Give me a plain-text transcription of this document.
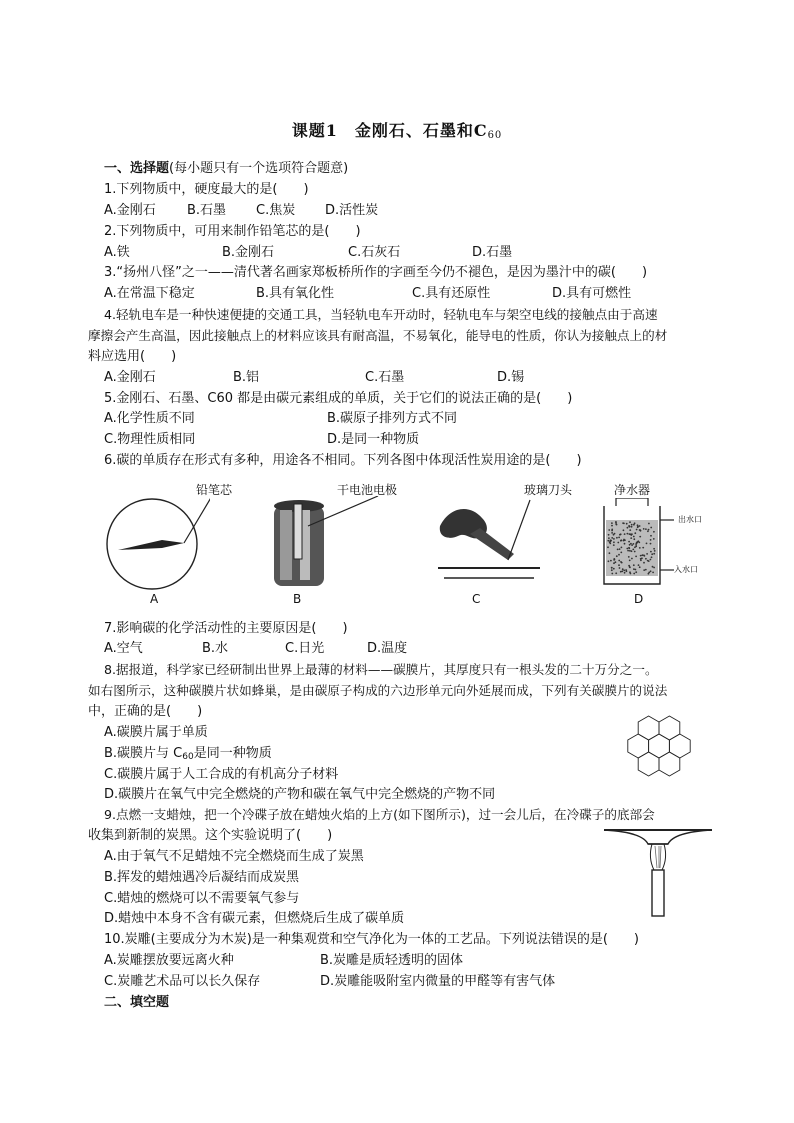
课题1　金刚石、石墨和$C_{60}$
一、选择题(每小题只有一个选项符合题意)
1.下列物质中，硬度最大的是(　　)
A.金刚石 B.石墨 C.焦炭 D.活性炭
2.下列物质中，可用来制作铅笔芯的是(　　)
A.铁	B.金刚石	C.石灰石	D.石墨
3.“扬州八怪”之一——清代著名画家郑板桥所作的字画至今仍不褪色，是因为墨汁中的碳(　　)
A.在常温下稳定	B.具有氧化性	C.具有还原性	D.具有可燃性
4.轻轨电车是一种快速便捷的交通工具，当轻轨电车开动时，轻轨电车与架空电线的接触点由于高速
摩擦会产生高温，因此接触点上的材料应该具有耐高温，不易氧化，能导电的性质，你认为接触点上的材
料应选用(　　)
A.金刚石	B.铝	C.石墨	D.锡
5.金刚石、石墨、C60 都是由碳元素组成的单质，关于它们的说法正确的是(　　)
A.化学性质不同	B.碳原子排列方式不同
C.物理性质相同	D.是同一种物质
6.碳的单质存在形式有多种，用途各不相同。下列各图中体现活性炭用途的是(　　)
铅笔芯
A
干电池电极
B
玻璃刀头
C
净水器
出水口
入水口
D
7.影响碳的化学活动性的主要原因是(　　)
A.空气	B.水	C.日光	D.温度
8.据报道，科学家已经研制出世界上最薄的材料——碳膜片，其厚度只有一根头发的二十万分之一。
如右图所示，这种碳膜片状如蜂巢，是由碳原子构成的六边形单元向外延展而成，下列有关碳膜片的说法
中，正确的是(　　)
A.碳膜片属于单质
B.碳膜片与 C60是同一种物质
C.碳膜片属于人工合成的有机高分子材料
D.碳膜片在氧气中完全燃烧的产物和碳在氧气中完全燃烧的产物不同
9.点燃一支蜡烛，把一个冷碟子放在蜡烛火焰的上方(如下图所示)，过一会儿后，在冷碟子的底部会
收集到新制的炭黑。这个实验说明了(　　)
A.由于氧气不足蜡烛不完全燃烧而生成了炭黑
B.挥发的蜡烛遇冷后凝结而成炭黑
C.蜡烛的燃烧可以不需要氧气参与
D.蜡烛中本身不含有碳元素，但燃烧后生成了碳单质
10.炭雕(主要成分为木炭)是一种集观赏和空气净化为一体的工艺品。下列说法错误的是(　　)
A.炭雕摆放要远离火种	B.炭雕是质轻透明的固体
C.炭雕艺术品可以长久保存	D.炭雕能吸附室内微量的甲醛等有害气体
二、填空题
